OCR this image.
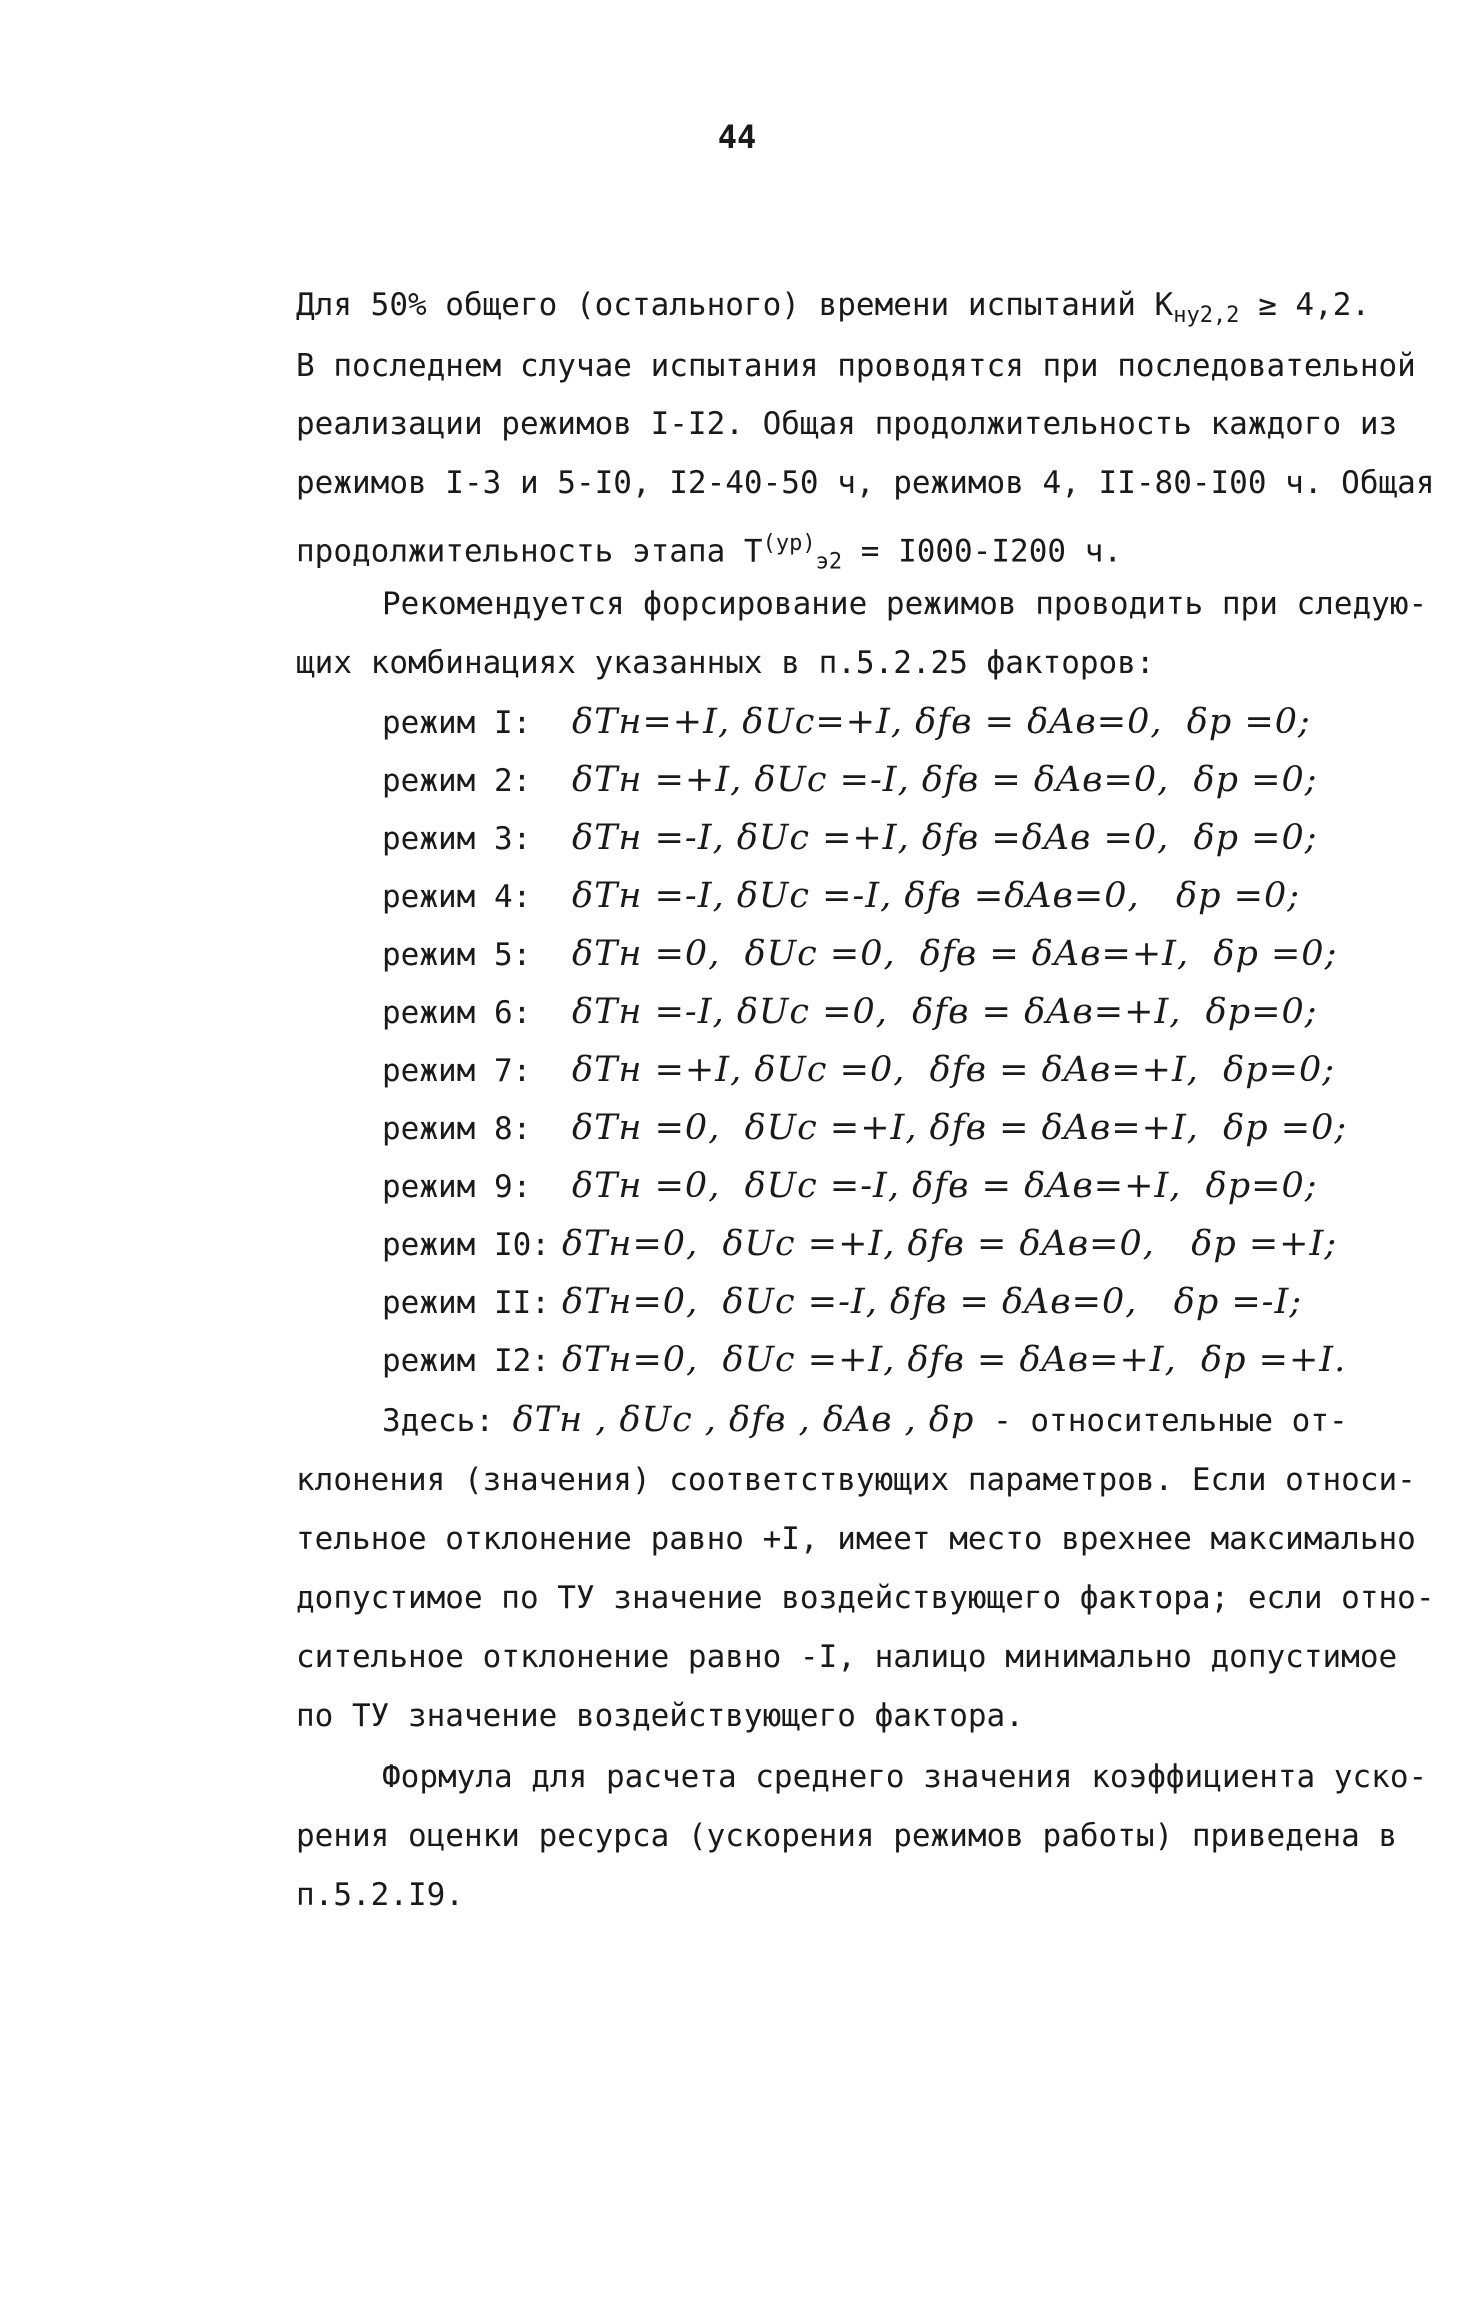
44
Для 50% общего (остального) времени испытаний $К_{ну2,2} \ge 4,2$.
В последнем случае испытания проводятся при последовательной
реализации режимов I-I2. Общая продолжительность каждого из
режимов I-3 и 5-I0, I2-40-50 ч, режимов 4, II-80-I00 ч. Общая
продолжительность этапа $Т^{(ур)}_{э2} = I000-I200$ ч.
Рекомендуется форсирование режимов проводить при следую-
щих комбинациях указанных в п.5.2.25 факторов:
режим I: δТн=+I, δUс=+I, δfв = δAв=0,  δр =0;
режим 2: δТн =+I, δUс =-I, δfв = δAв=0,  δр =0;
режим 3: δТн =-I, δUс =+I, δfв =δAв =0,  δр =0;
режим 4: δТн =-I, δUс =-I, δfв =δAв=0,   δр =0;
режим 5: δТн =0,  δUс =0,  δfв = δAв=+I,  δр =0;
режим 6: δТн =-I, δUс =0,  δfв = δAв=+I,  δр=0;
режим 7: δТн =+I, δUс =0,  δfв = δAв=+I,  δр=0;
режим 8: δТн =0,  δUс =+I, δfв = δAв=+I,  δр =0;
режим 9: δТн =0,  δUс =-I, δfв = δAв=+I,  δр=0;
режим I0: δТн=0,  δUс =+I, δfв = δAв=0,   δр =+I;
режим II: δТн=0,  δUс =-I, δfв = δAв=0,   δр =-I;
режим I2: δТн=0,  δUс =+I, δfв = δAв=+I,  δр =+I.
Здесь: δТн , δUс , δfв , δAв , δр - относительные от-
клонения (значения) соответствующих параметров. Если относи-
тельное отклонение равно +I, имеет место врехнее максимально
допустимое по ТУ значение воздействующего фактора; если отно-
сительное отклонение равно -I, налицо минимально допустимое
по ТУ значение воздействующего фактора.
Формула для расчета среднего значения коэффициента уско-
рения оценки ресурса (ускорения режимов работы) приведена в
п.5.2.I9.
